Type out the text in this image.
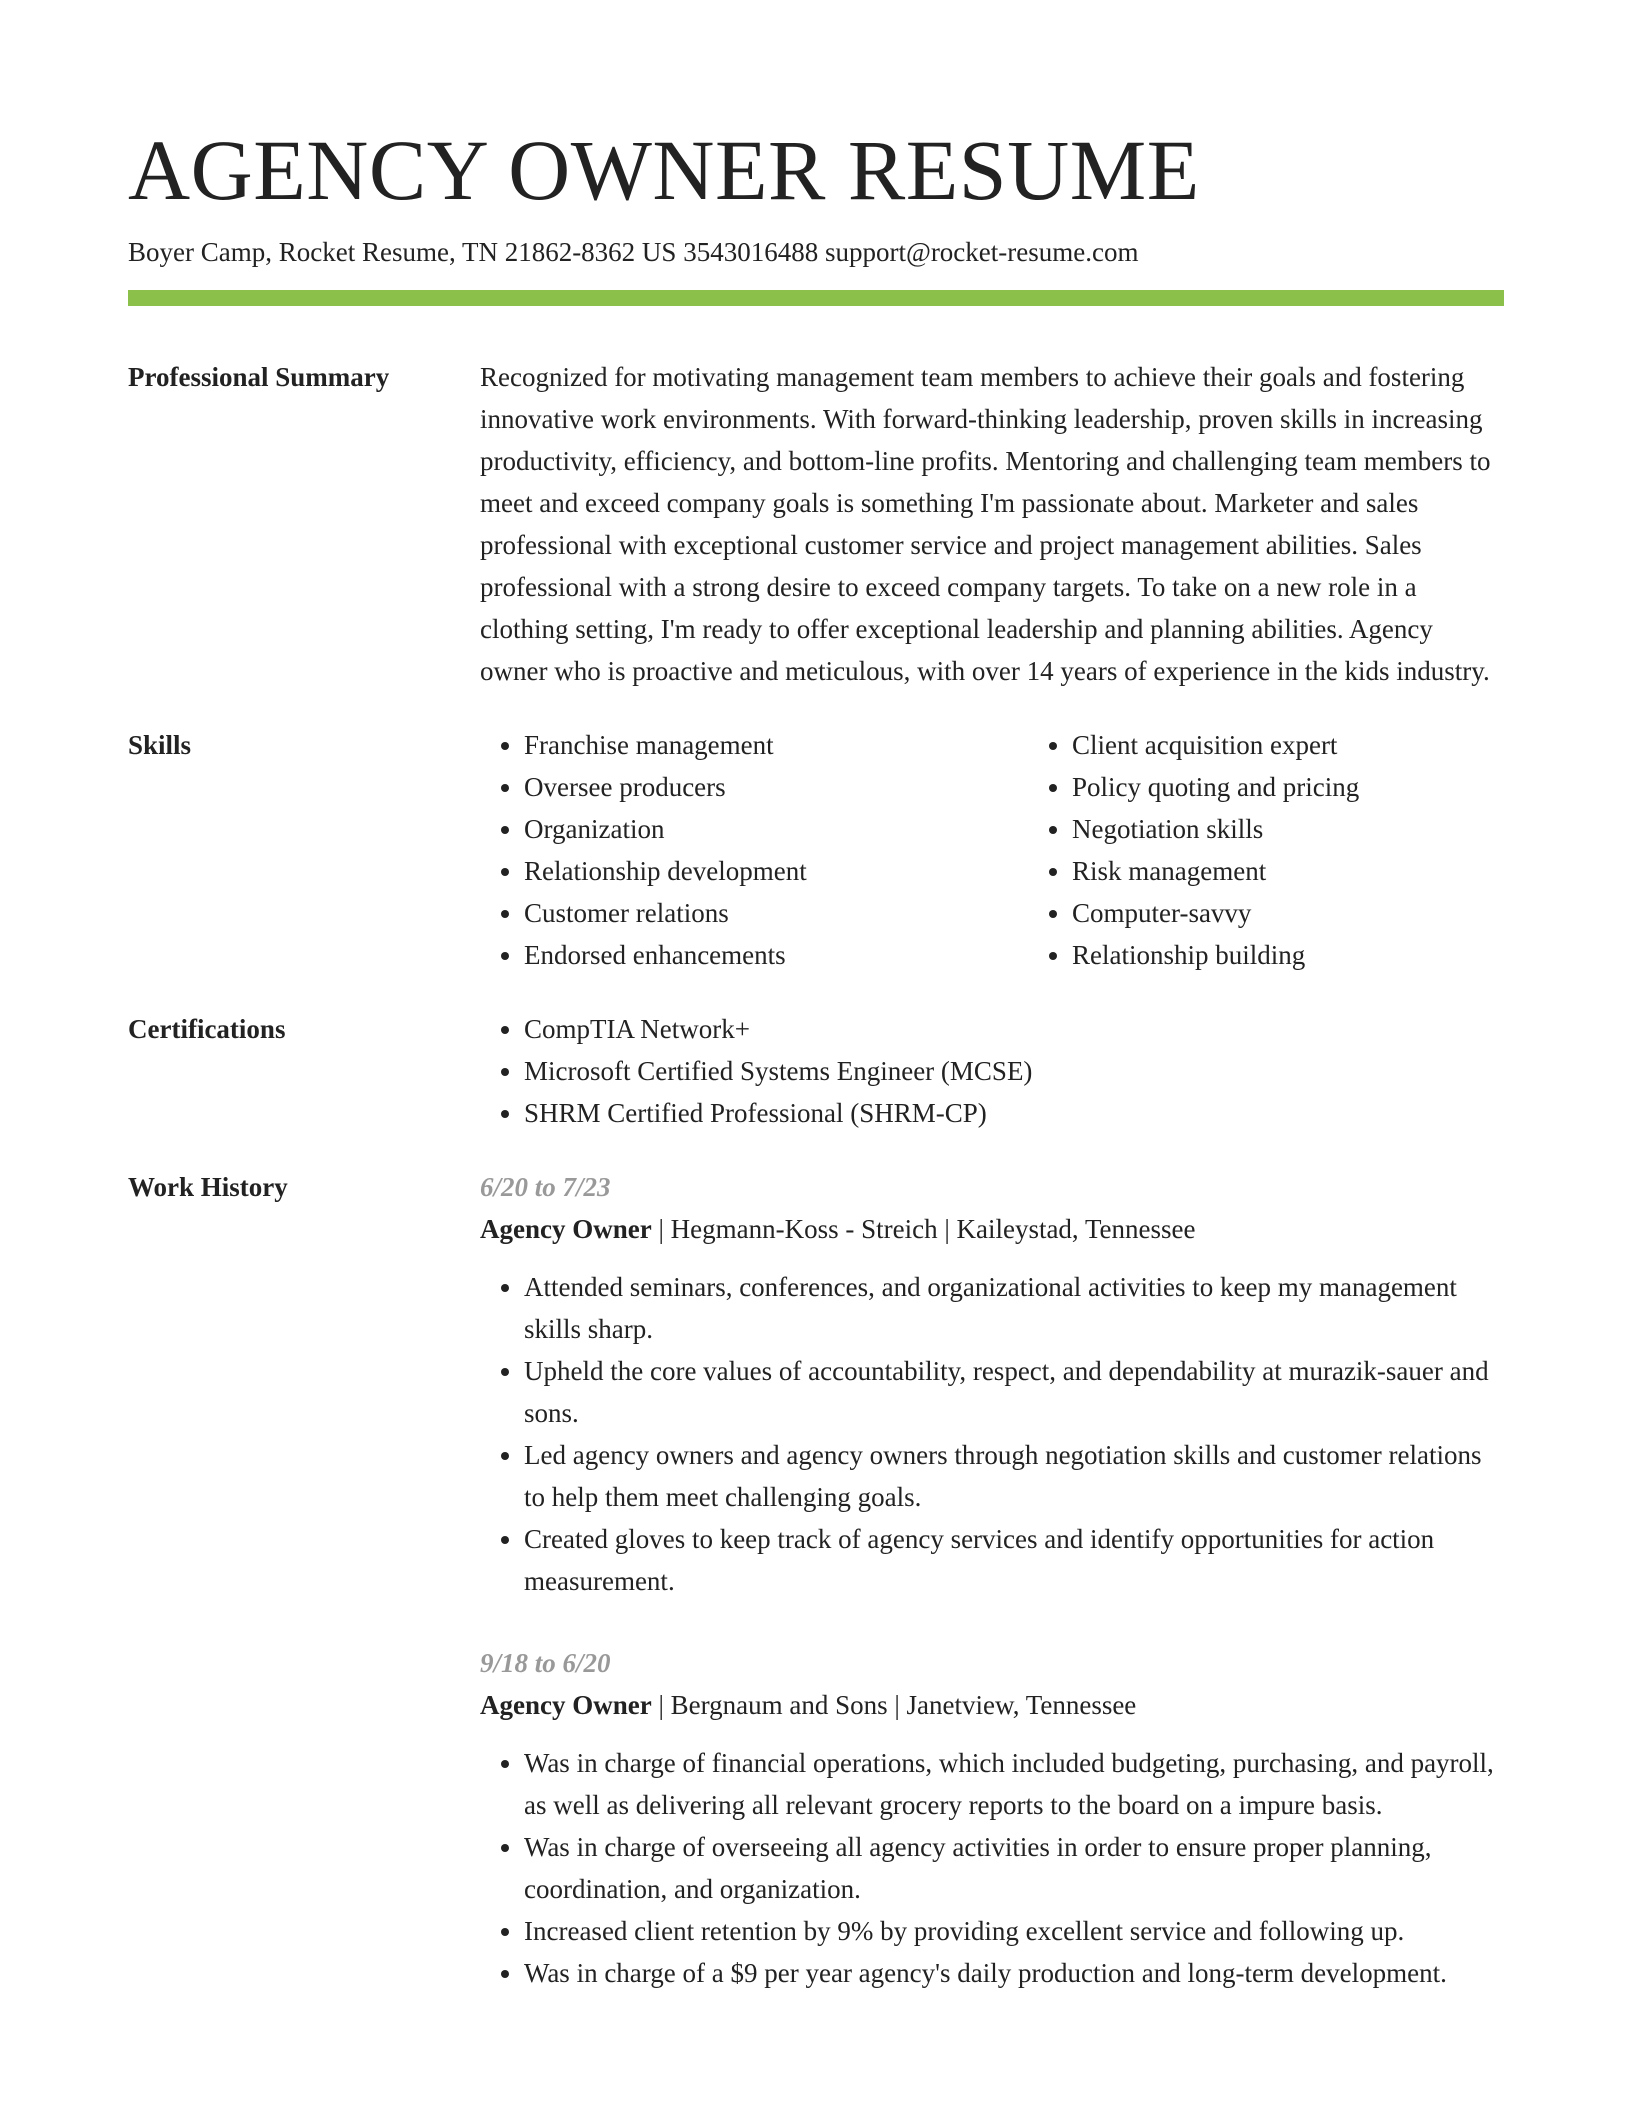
AGENCY OWNER RESUME
Boyer Camp, Rocket Resume, TN 21862-8362 US 3543016488 support@rocket-resume.com
Professional Summary	Recognized for motivating management team members to achieve their goals and fostering innovative work environments. With forward-thinking leadership, proven skills in increasing productivity, efficiency, and bottom-line profits. Mentoring and challenging team members to meet and exceed company goals is something I'm passionate about. Marketer and sales professional with exceptional customer service and project management abilities. Sales professional with a strong desire to exceed company targets. To take on a new role in a clothing setting, I'm ready to offer exceptional leadership and planning abilities. Agency owner who is proactive and meticulous, with over 14 years of experience in the kids industry.
Skills	• Franchise management
• Oversee producers
• Organization
• Relationship development
• Customer relations
• Endorsed enhancements
• Client acquisition expert
• Policy quoting and pricing
• Negotiation skills
• Risk management
• Computer-savvy
• Relationship building
Certifications	• CompTIA Network+
• Microsoft Certified Systems Engineer (MCSE)
• SHRM Certified Professional (SHRM-CP)
Work History	6/20 to 7/23
Agency Owner | Hegmann-Koss - Streich | Kaileystad, Tennessee
• Attended seminars, conferences, and organizational activities to keep my management skills sharp.
• Upheld the core values of accountability, respect, and dependability at murazik-sauer and sons.
• Led agency owners and agency owners through negotiation skills and customer relations to help them meet challenging goals.
• Created gloves to keep track of agency services and identify opportunities for action measurement.
9/18 to 6/20
Agency Owner | Bergnaum and Sons | Janetview, Tennessee
• Was in charge of financial operations, which included budgeting, purchasing, and payroll, as well as delivering all relevant grocery reports to the board on a impure basis.
• Was in charge of overseeing all agency activities in order to ensure proper planning, coordination, and organization.
• Increased client retention by 9% by providing excellent service and following up.
• Was in charge of a $9 per year agency's daily production and long-term development.
